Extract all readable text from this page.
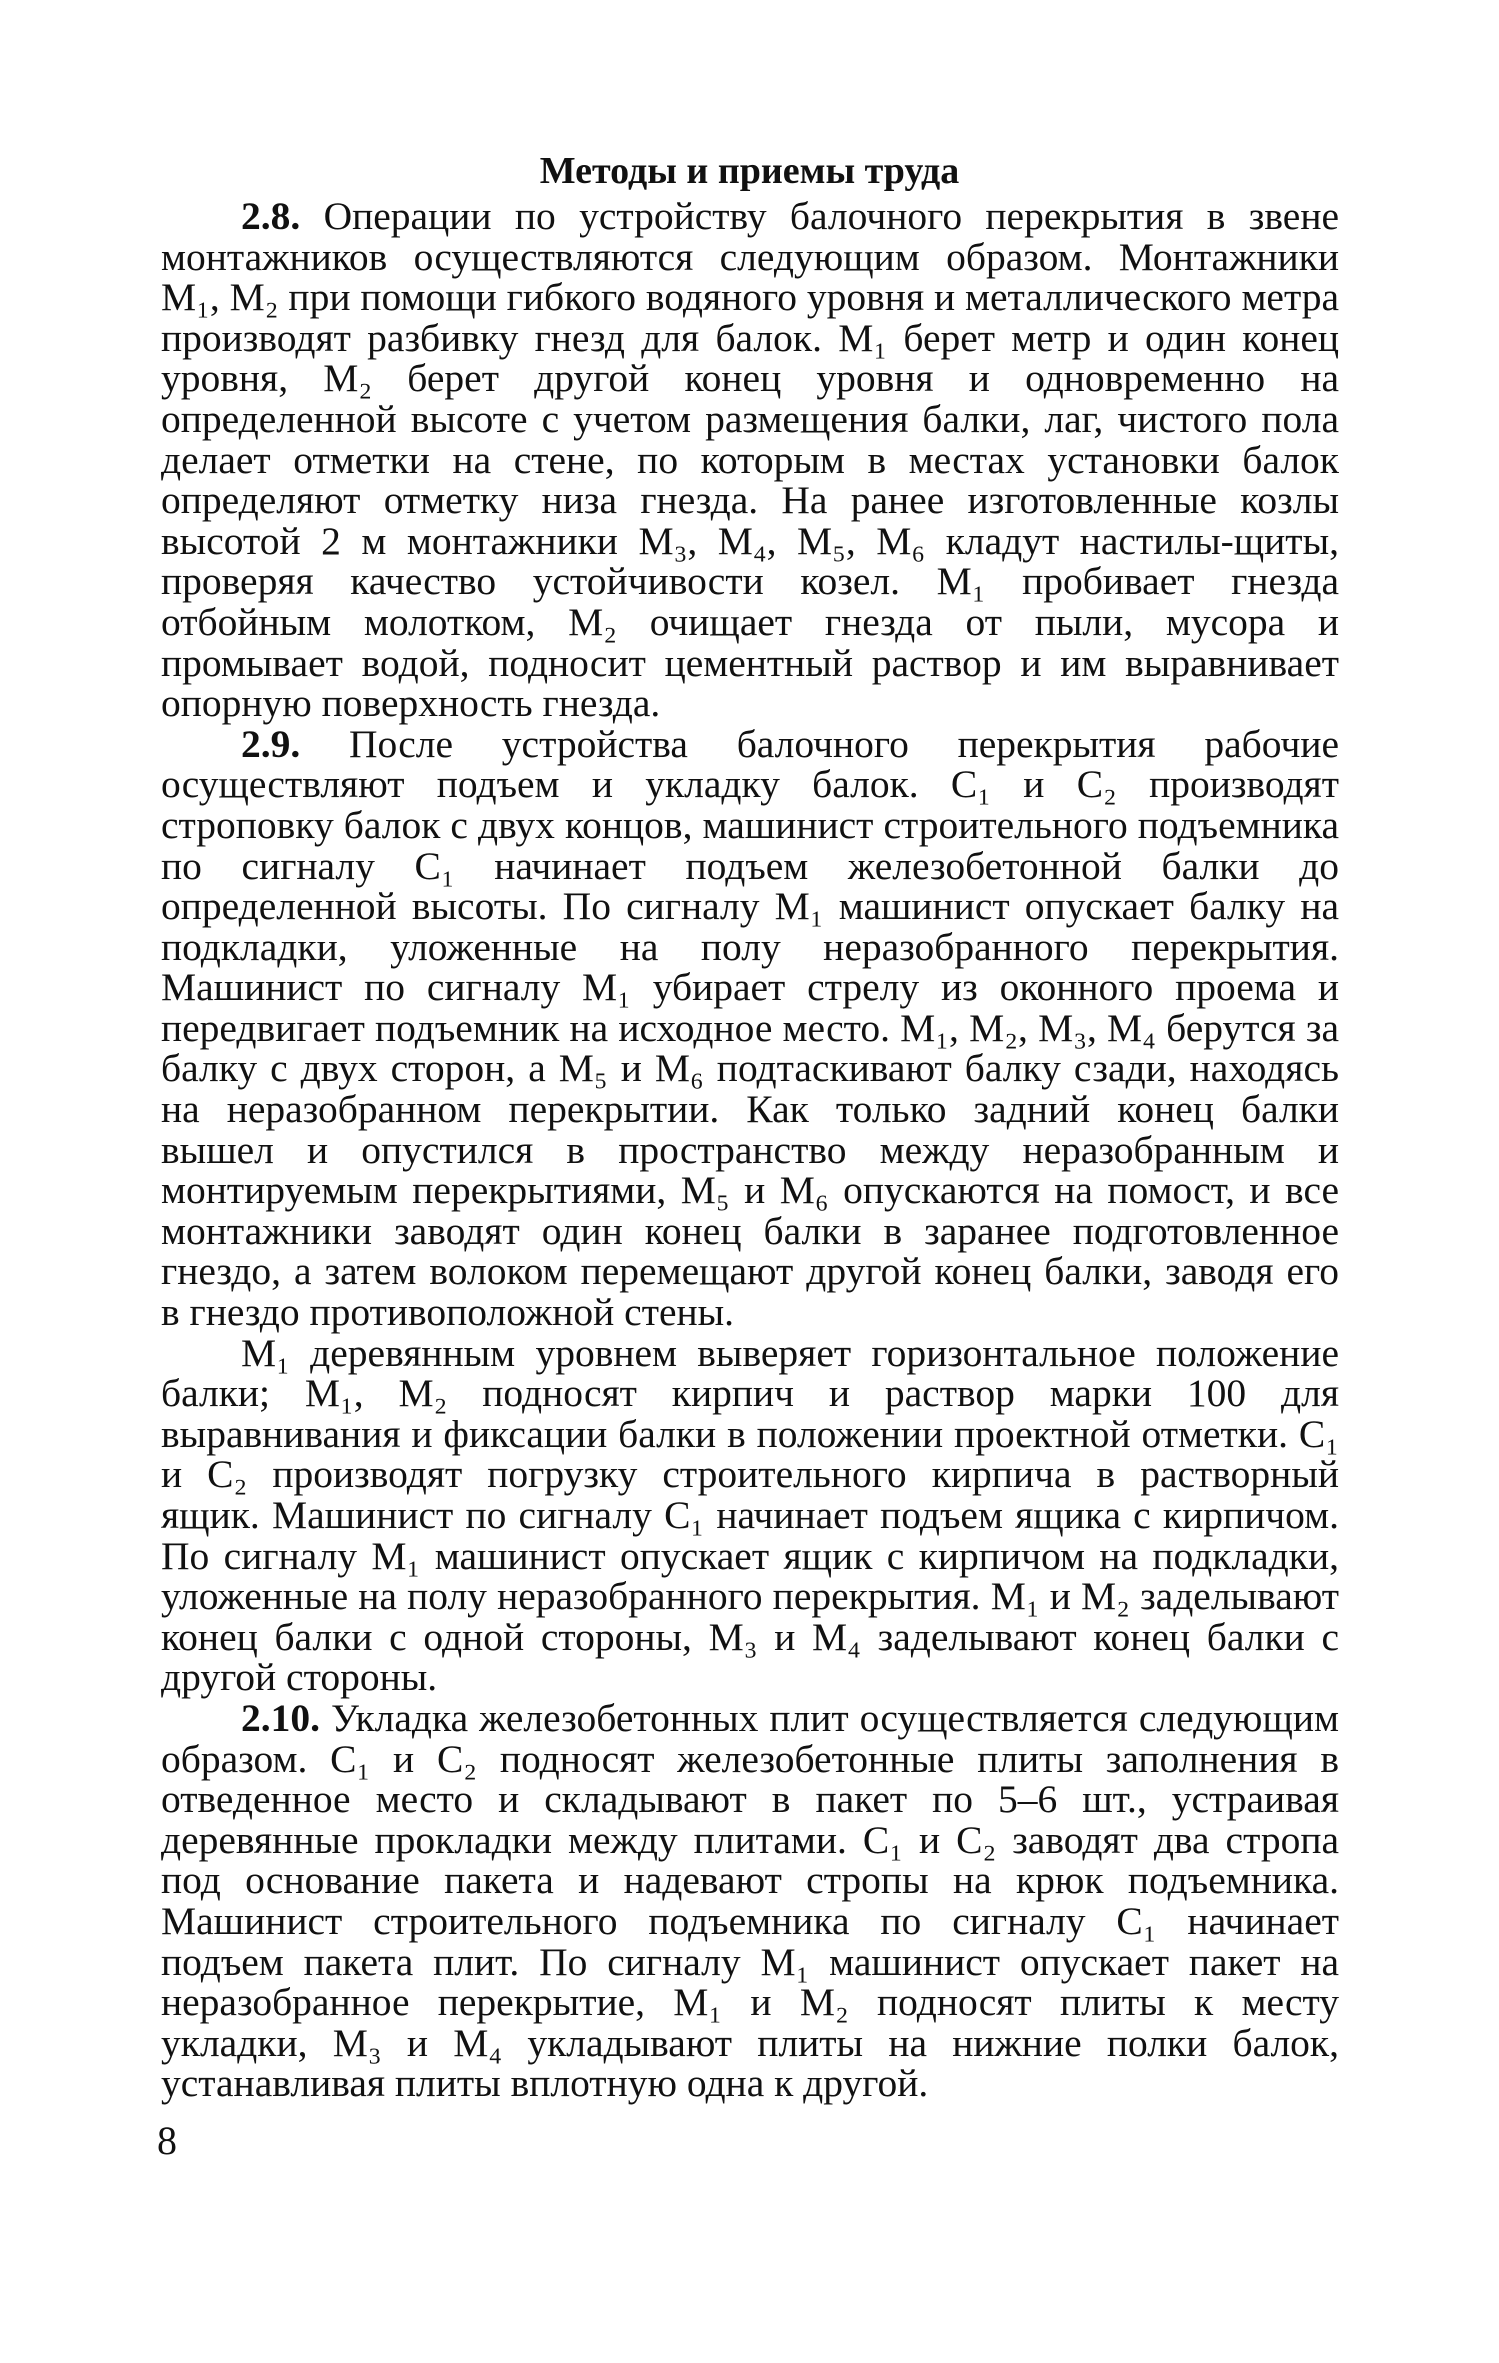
Методы и приемы труда

2.8. Операции по устройству балочного перекрытия в звене монтажников осуществляются следующим образом. Монтажники М₁, М₂ при помощи гибкого водяного уровня и металлического метра производят разбивку гнезд для балок. М₁ берет метр и один конец уровня, М₂ берет другой конец уровня и одновременно на определенной высоте с учетом размещения балки, лаг, чистого пола делает отметки на стене, по которым в местах установки балок определяют отметку низа гнезда. На ранее изготовленные козлы высотой 2 м монтажники М₃, М₄, М₅, М₆ кладут настилы-щиты, проверяя качество устойчивости козел. М₁ пробивает гнезда отбойным молотком, М₂ очищает гнезда от пыли, мусора и промывает водой, подносит цементный раствор и им выравнивает опорную поверхность гнезда.

2.9. После устройства балочного перекрытия рабочие осуществляют подъем и укладку балок. С₁ и С₂ производят строповку балок с двух концов, машинист строительного подъемника по сигналу С₁ начинает подъем железобетонной балки до определенной высоты. По сигналу М₁ машинист опускает балку на подкладки, уложенные на полу неразобранного перекрытия. Машинист по сигналу М₁ убирает стрелу из оконного проема и передвигает подъемник на исходное место. М₁, М₂, М₃, М₄ берутся за балку с двух сторон, а М₅ и М₆ подтаскивают балку сзади, находясь на неразобранном перекрытии. Как только задний конец балки вышел и опустился в пространство между неразобранным и монтируемым перекрытиями, М₅ и М₆ опускаются на помост, и все монтажники заводят один конец балки в заранее подготовленное гнездо, а затем волоком перемещают другой конец балки, заводя его в гнездо противоположной стены.

М₁ деревянным уровнем выверяет горизонтальное положение балки; М₁, М₂ подносят кирпич и раствор марки 100 для выравнивания и фиксации балки в положении проектной отметки. С₁ и С₂ производят погрузку строительного кирпича в растворный ящик. Машинист по сигналу С₁ начинает подъем ящика с кирпичом. По сигналу М₁ машинист опускает ящик с кирпичом на подкладки, уложенные на полу неразобранного перекрытия. М₁ и М₂ заделывают конец балки с одной стороны, М₃ и М₄ заделывают конец балки с другой стороны.

2.10. Укладка железобетонных плит осуществляется следующим образом. С₁ и С₂ подносят железобетонные плиты заполнения в отведенное место и складывают в пакет по 5–6 шт., устраивая деревянные прокладки между плитами. С₁ и С₂ заводят два стропа под основание пакета и надевают стропы на крюк подъемника. Машинист строительного подъемника по сигналу С₁ начинает подъем пакета плит. По сигналу М₁ машинист опускает пакет на неразобранное перекрытие, М₁ и М₂ подносят плиты к месту укладки, М₃ и М₄ укладывают плиты на нижние полки балок, устанавливая плиты вплотную одна к другой.

8
